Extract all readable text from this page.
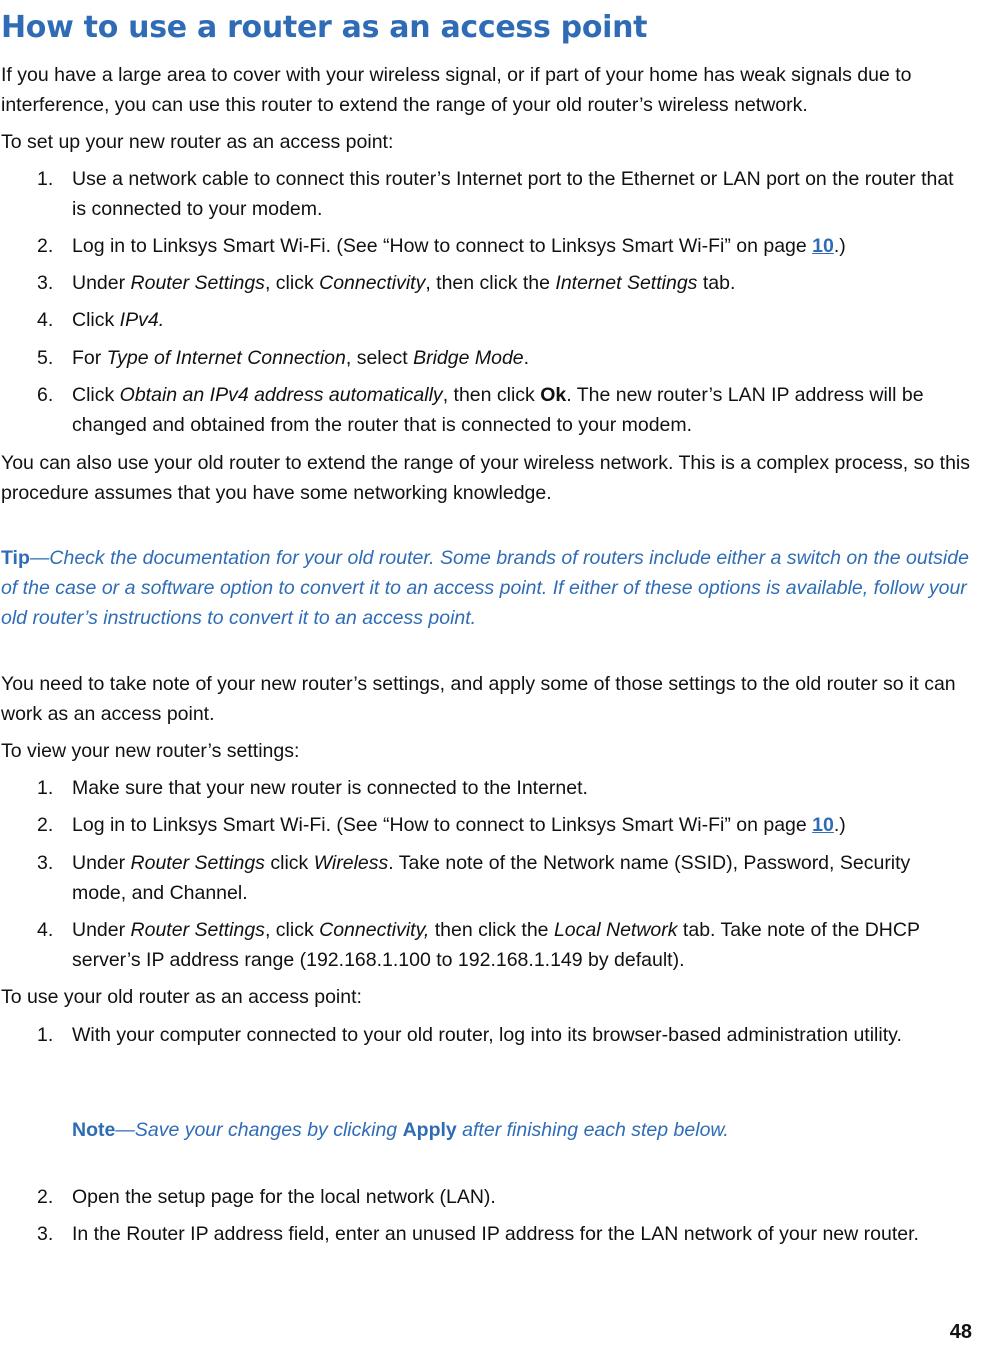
How to use a router as an access point

If you have a large area to cover with your wireless signal, or if part of your home has weak signals due to interference, you can use this router to extend the range of your old router’s wireless network.

To set up your new router as an access point:

1. Use a network cable to connect this router’s Internet port to the Ethernet or LAN port on the router that is connected to your modem.
2. Log in to Linksys Smart Wi-Fi. (See “How to connect to Linksys Smart Wi-Fi” on page 10.)
3. Under Router Settings, click Connectivity, then click the Internet Settings tab.
4. Click IPv4.
5. For Type of Internet Connection, select Bridge Mode.
6. Click Obtain an IPv4 address automatically, then click Ok. The new router’s LAN IP address will be changed and obtained from the router that is connected to your modem.

You can also use your old router to extend the range of your wireless network. This is a complex process, so this procedure assumes that you have some networking knowledge.

Tip—Check the documentation for your old router. Some brands of routers include either a switch on the outside of the case or a software option to convert it to an access point. If either of these options is available, follow your old router’s instructions to convert it to an access point.

You need to take note of your new router’s settings, and apply some of those settings to the old router so it can work as an access point.

To view your new router’s settings:

1. Make sure that your new router is connected to the Internet.
2. Log in to Linksys Smart Wi-Fi. (See “How to connect to Linksys Smart Wi-Fi” on page 10.)
3. Under Router Settings click Wireless. Take note of the Network name (SSID), Password, Security mode, and Channel.
4. Under Router Settings, click Connectivity, then click the Local Network tab. Take note of the DHCP server’s IP address range (192.168.1.100 to 192.168.1.149 by default).

To use your old router as an access point:

1. With your computer connected to your old router, log into its browser-based administration utility.
Note—Save your changes by clicking Apply after finishing each step below.
2. Open the setup page for the local network (LAN).
3. In the Router IP address field, enter an unused IP address for the LAN network of your new router.
48
